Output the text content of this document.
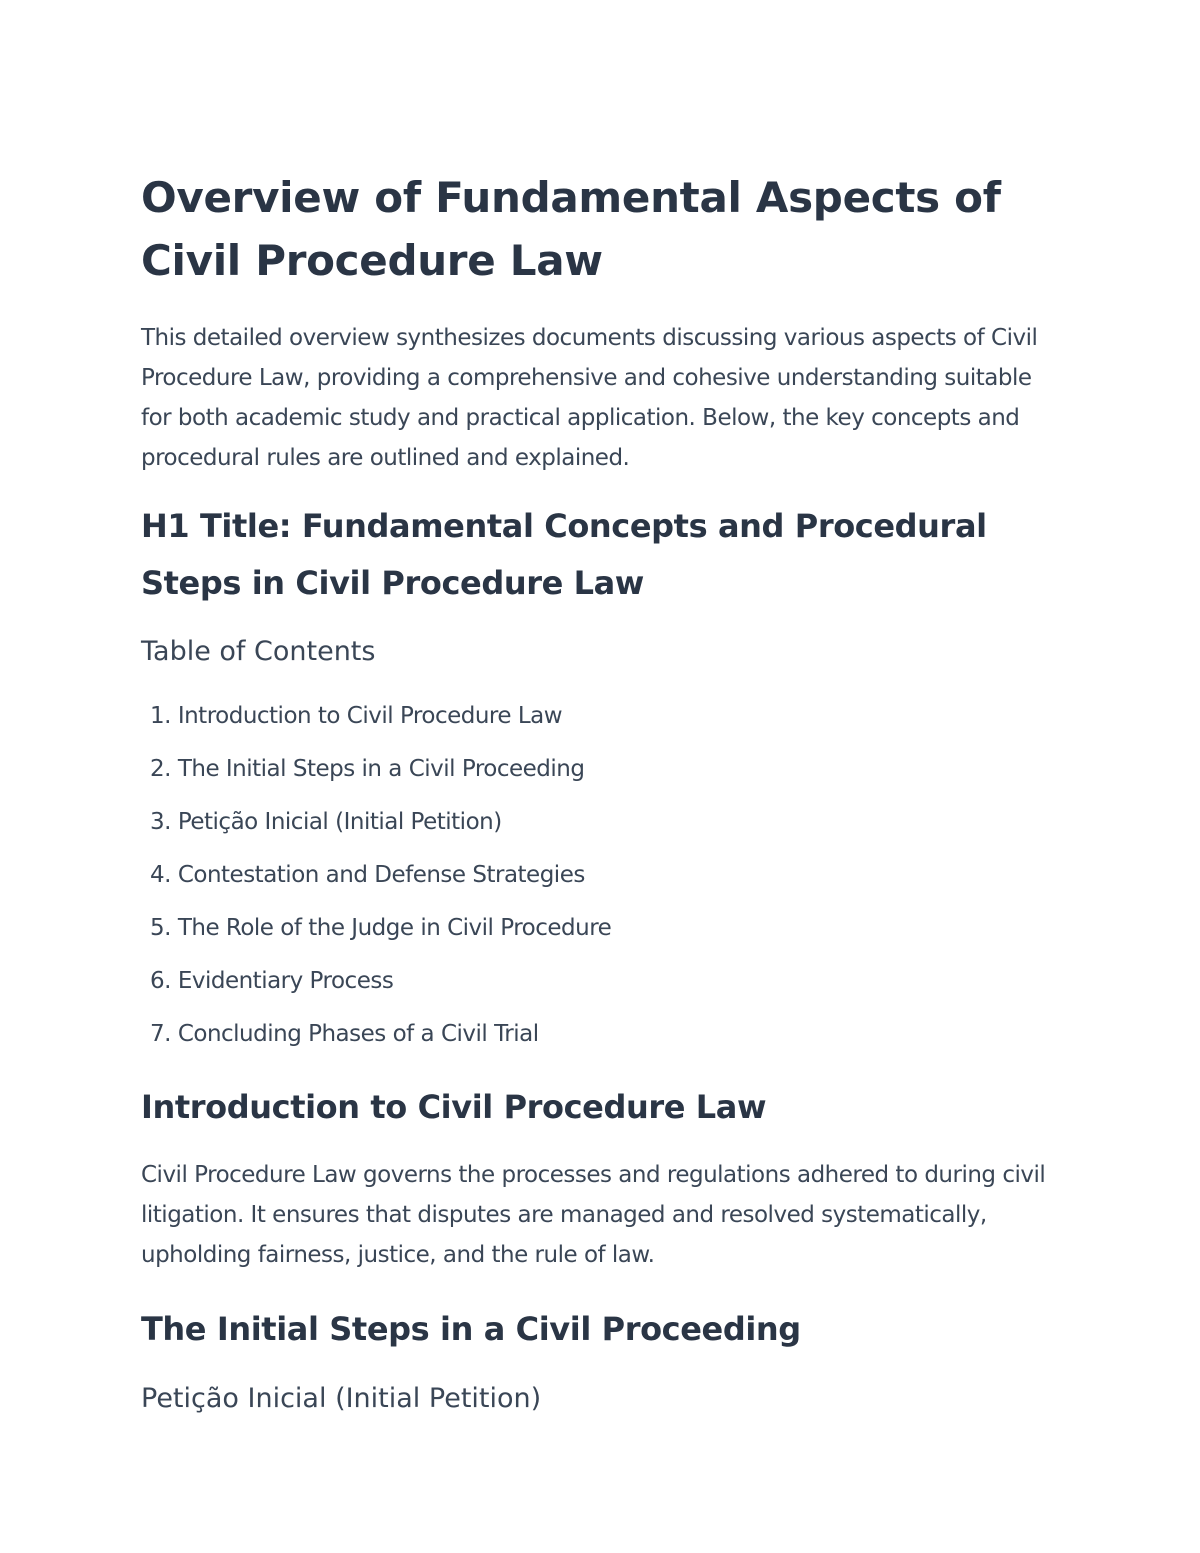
Overview of Fundamental Aspects of Civil Procedure Law

This detailed overview synthesizes documents discussing various aspects of Civil Procedure Law, providing a comprehensive and cohesive understanding suitable for both academic study and practical application. Below, the key concepts and procedural rules are outlined and explained.

H1 Title: Fundamental Concepts and Procedural Steps in Civil Procedure Law
Table of Contents
1. Introduction to Civil Procedure Law
2. The Initial Steps in a Civil Proceeding
3. Petição Inicial (Initial Petition)
4. Contestation and Defense Strategies
5. The Role of the Judge in Civil Procedure
6. Evidentiary Process
7. Concluding Phases of a Civil Trial
Introduction to Civil Procedure Law

Civil Procedure Law governs the processes and regulations adhered to during civil litigation. It ensures that disputes are managed and resolved systematically, upholding fairness, justice, and the rule of law.

The Initial Steps in a Civil Proceeding
Petição Inicial (Initial Petition)
